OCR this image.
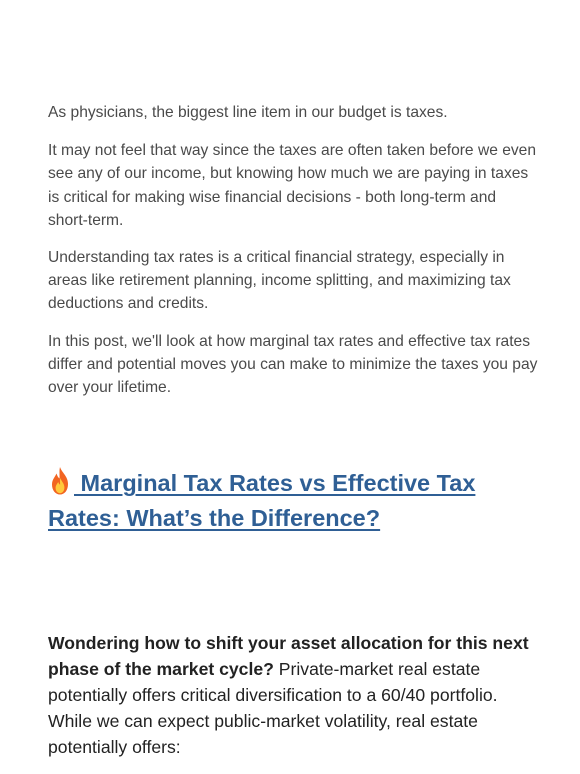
As physicians, the biggest line item in our budget is taxes.

It may not feel that way since the taxes are often taken before we even see any of our income, but knowing how much we are paying in taxes is critical for making wise financial decisions - both long-term and short-term.

Understanding tax rates is a critical financial strategy, especially in areas like retirement planning, income splitting, and maximizing tax deductions and credits.

In this post, we'll look at how marginal tax rates and effective tax rates differ and potential moves you can make to minimize the taxes you pay over your lifetime.

Marginal Tax Rates vs Effective Tax Rates: What’s the Difference?

Wondering how to shift your asset allocation for this next phase of the market cycle? Private-market real estate potentially offers critical diversification to a 60/40 portfolio. While we can expect public-market volatility, real estate potentially offers:
